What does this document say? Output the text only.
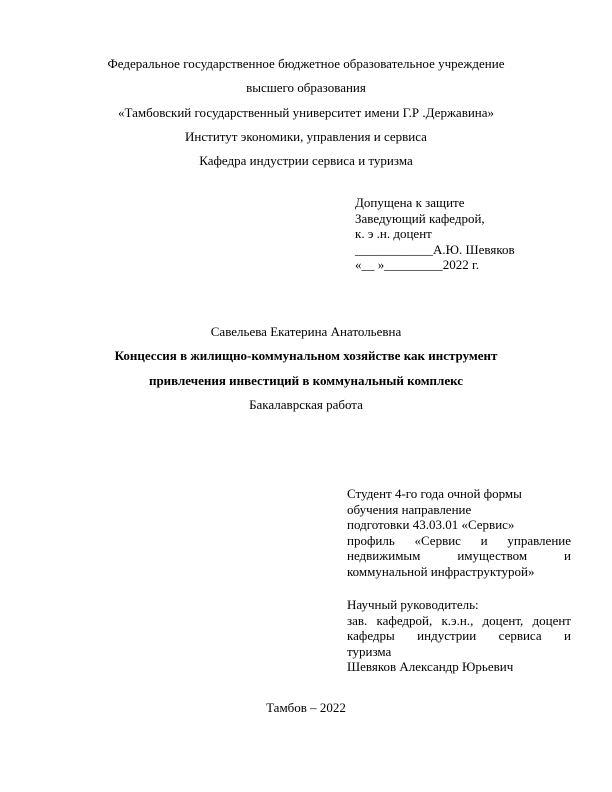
Федеральное государственное бюджетное образовательное учреждение
высшего образования
«Тамбовский государственный университет имени Г.Р .Державина»
Институт экономики, управления и сервиса
Кафедра индустрии сервиса и туризма
Допущена к защите
Заведующий кафедрой,
к. э .н. доцент
____________А.Ю. Шевяков
«__ »_________2022 г.
Савельева Екатерина Анатольевна
Концессия в жилищно-коммунальном хозяйстве как инструмент
привлечения инвестиций в коммунальный комплекс
Бакалаврская работа
Студент 4-го года очной формы
обучения направление
подготовки 43.03.01 «Сервис»
профиль «Сервис и управление
недвижимым имуществом и
коммунальной инфраструктурой»
Научный руководитель:
зав. кафедрой, к.э.н., доцент, доцент
кафедры индустрии сервиса и
туризма
Шевяков Александр Юрьевич
Тамбов – 2022
